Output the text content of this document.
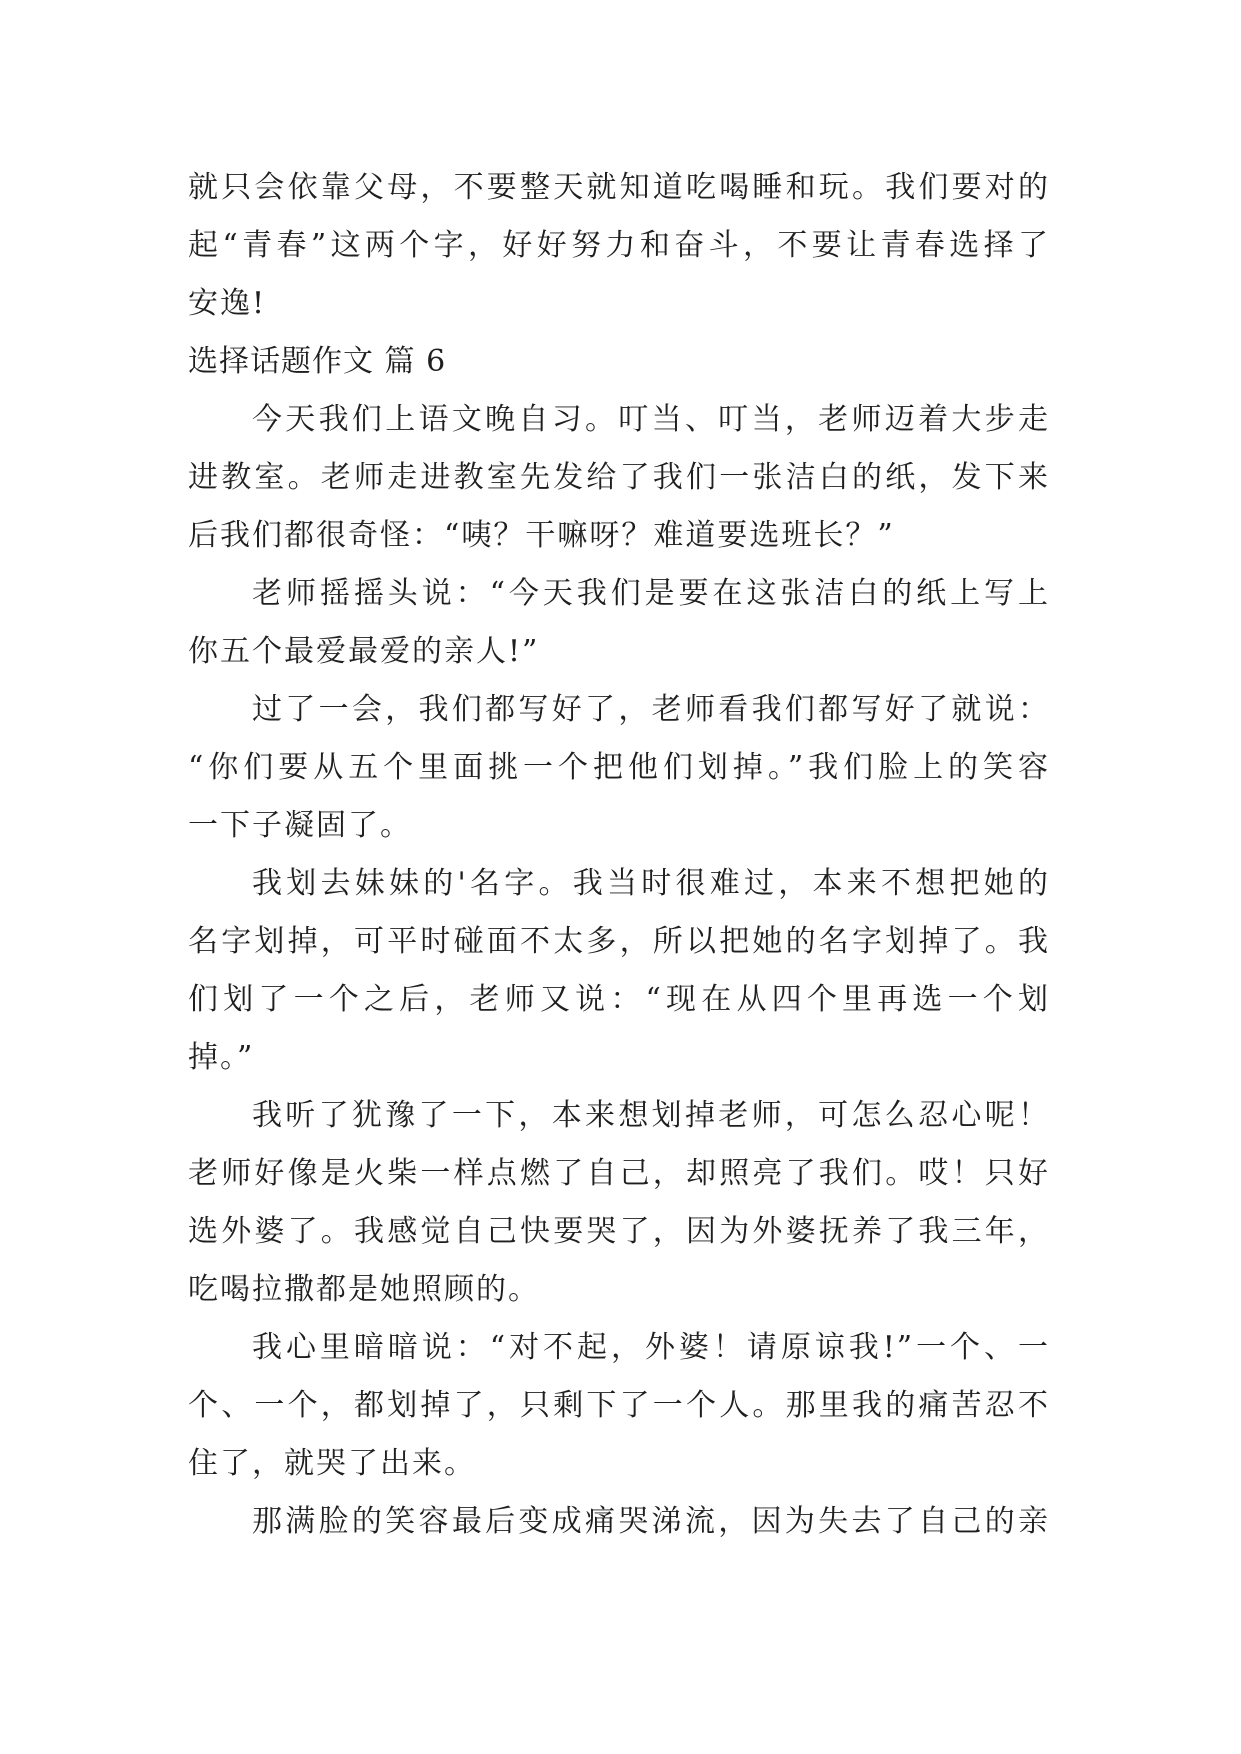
就只会依靠父母，不要整天就知道吃喝睡和玩。我们要对的
起“青春”这两个字，好好努力和奋斗，不要让青春选择了
安逸!
选择话题作文 篇 6
今天我们上语文晚自习。叮当、叮当，老师迈着大步走
进教室。老师走进教室先发给了我们一张洁白的纸，发下来
后我们都很奇怪：“咦？干嘛呀？难道要选班长？”
老师摇摇头说：“今天我们是要在这张洁白的纸上写上
你五个最爱最爱的亲人!”
过了一会，我们都写好了，老师看我们都写好了就说：
“你们要从五个里面挑一个把他们划掉。”我们脸上的笑容
一下子凝固了。
我划去妹妹的'名字。我当时很难过，本来不想把她的
名字划掉，可平时碰面不太多，所以把她的名字划掉了。我
们划了一个之后，老师又说：“现在从四个里再选一个划
掉。”
我听了犹豫了一下，本来想划掉老师，可怎么忍心呢！
老师好像是火柴一样点燃了自己，却照亮了我们。哎！只好
选外婆了。我感觉自己快要哭了，因为外婆抚养了我三年，
吃喝拉撒都是她照顾的。
我心里暗暗说：“对不起，外婆！请原谅我!”一个、一
个、一个，都划掉了，只剩下了一个人。那里我的痛苦忍不
住了，就哭了出来。
那满脸的笑容最后变成痛哭涕流，因为失去了自己的亲
